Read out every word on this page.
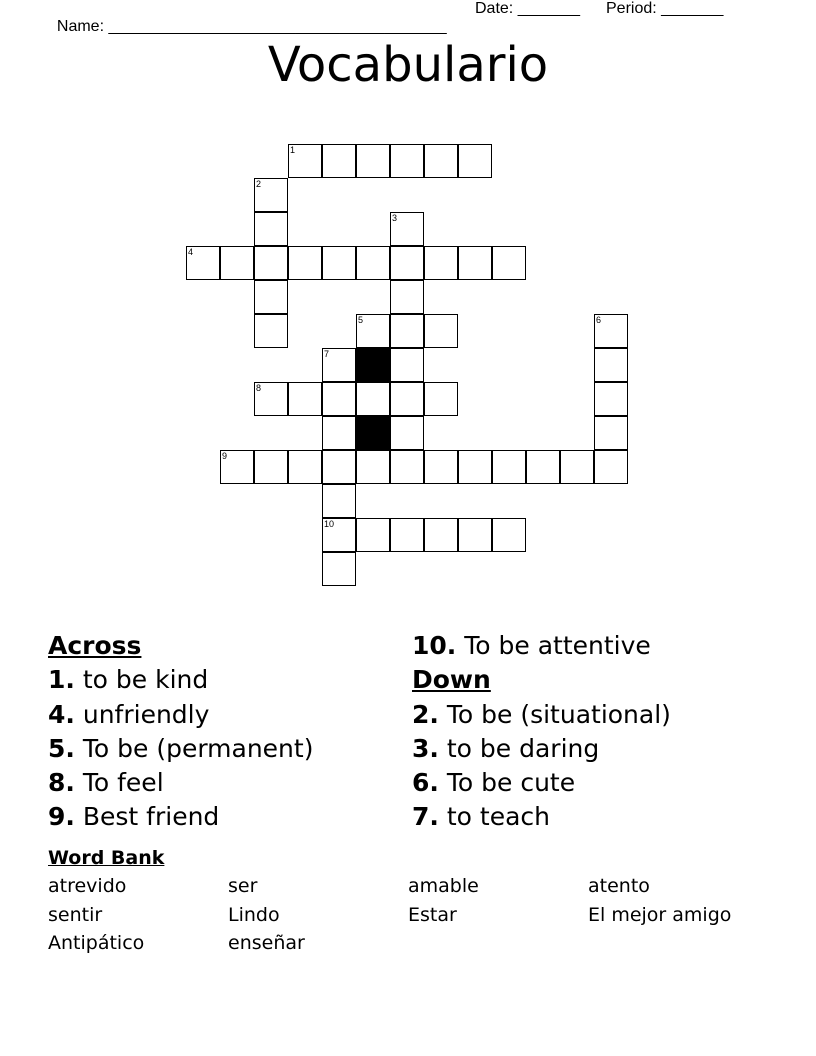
Name: ______________________________________

Date: _______

Period: _______

Vocabulario
1
2
3
4
5	6
7
10
8
9
Across
1. to be kind
4. unfriendly
5. To be (permanent)
8. To feel
9. Best friend
10. To be attentive
Down
2. To be (situational)
3. to be daring
6. To be cute
7. to teach
Word Bank
atrevido	ser	amable	atento
sentir	Lindo	Estar	El mejor amigo
Antipático	enseñar
